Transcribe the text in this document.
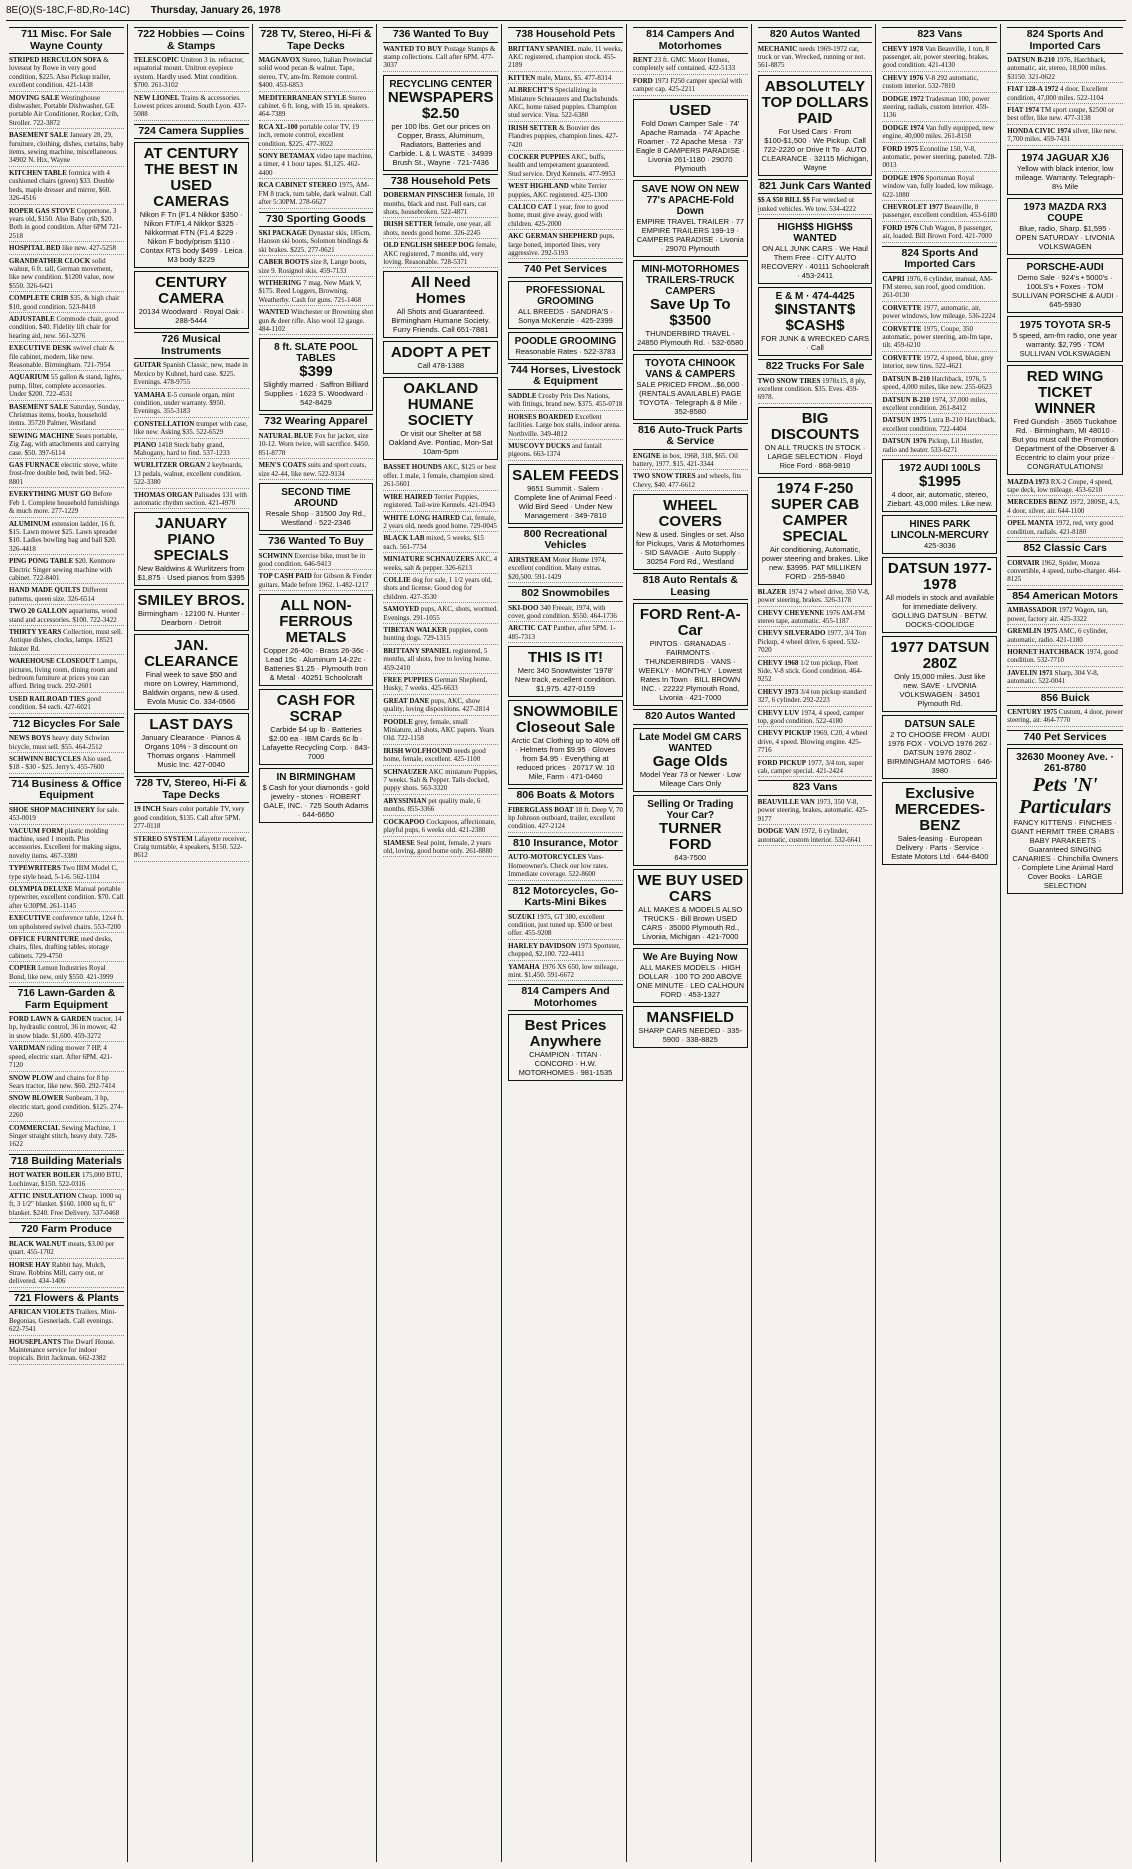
8E(O)(S-18C,F-8D,Ro-14C) Thursday, January 26, 1978
711 Misc. For Sale Wayne County
STRIPED HERCULON SOFA & loveseat by Rowe in very good condition, $225. Also Pickup trailer, excellent condition. 421-1438
MOVING SALE Westinghouse dishwasher, Portable Dishwasher, GE portable Air Conditioner, Rocker, Crib, Stroller. 722-3872
BASEMENT SALE January 28, 29, furniture, clothing, dishes, curtains, baby items, sewing machine, miscellaneous. 34902 N. Hix, Wayne
KITCHEN TABLE formica with 4 cushioned chairs (green) $33. Double beds, maple dresser and mirror, $60. 326-4516
ROPER GAS STOVE Coppertone, 3 years old, $150. Also Baby crib, $20. Both in good condition. After 6PM 721-2518
HOSPITAL BED like new. 427-5258
GRANDFATHER CLOCK solid walnut, 6 ft. tall, German movement, like new condition. $1200 value, now $550. 326-6421
COMPLETE CRIB $35, & high chair $10, good condition. 523-8418
ADJUSTABLE Commode chair, good condition. $40. Fidelity lift chair for hearing aid, new. 561-3276
EXECUTIVE DESK swivel chair & file cabinet, modern, like new. Reasonable. Birmingham. 721-7954
AQUARIUM 55 gallon & stand, lights, pump, filter, complete accessories. Under $200. 722-4531
BASEMENT SALE Saturday, Sunday, Christmas items, books, household items. 35720 Palmer, Westland
SEWING MACHINE Sears portable, Zig Zag, with attachments and carrying case. $50. 397-6114
GAS FURNACE electric stove, white frost-free double bed, twin bed. 562-8801
EVERYTHING MUST GO Before Feb 1. Complete household furnishings & much more. 277-1229
ALUMINUM extension ladder, 16 ft. $15. Lawn mower $25. Lawn spreader $10. Ladies bowling bag and ball $20. 326-4418
PING PONG TABLE $20. Kenmore Electric Singer sewing machine with cabinet. 722-8401
HAND MADE QUILTS Different patterns, queen size. 326-6514
TWO 20 GALLON aquariums, wood stand and accessories. $100. 722-3422
THIRTY YEARS Collection, must sell. Antique dishes, clocks, lamps. 18521 Inkster Rd.
WAREHOUSE CLOSEOUT Lamps, pictures, living room, dining room and bedroom furniture at prices you can afford. Bring truck. 292-2601
USED RAILROAD TIES good condition. $4 each. 427-6021
712 Bicycles For Sale
NEWS BOYS heavy duty Schwinn bicycle, must sell. $55. 464-2512
SCHWINN BICYCLES Also used, $18 - $30 - $25. Jerry's. 455-7600
714 Business & Office Equipment
SHOE SHOP MACHINERY for sale. 453-0019
VACUUM FORM plastic molding machine, used 1 month. Plus accessories. Excellent for making signs, novelty items. 467-3380
TYPEWRITERS Two IBM Model C, type style head, 5-1-6. 562-1104
OLYMPIA DELUXE Manual portable typewriter, excellent condition. $70. Call after 6:30PM. 261-1145
EXECUTIVE conference table, 12x4 ft. ten upholstered swivel chairs. 553-7200
OFFICE FURNITURE used desks, chairs, files, drafting tables, storage cabinets. 729-4750
COPIER Lemon Industries Royal Bond, like new, only $550. 421-3999
716 Lawn-Garden & Farm Equipment
FORD LAWN & GARDEN tractor, 14 hp, hydraulic control, 36 in mower, 42 in snow blade. $1,600. 459-3272
VARDMAN riding mower 7 HP, 4 speed, electric start. After 6PM. 421-7120
SNOW PLOW and chains for 8 hp Sears tractor, like new. $60. 292-7414
SNOW BLOWER Sunbeam, 3 hp, electric start, good condition. $125. 274-2260
COMMERCIAL Sewing Machine, 1 Singer straight stitch, heavy duty. 728-1622
718 Building Materials
HOT WATER BOILER 175,000 BTU, Lochinvar, $150. 522-0316
ATTIC INSULATION Cheap. 1000 sq ft, 3 1/2" blanket. $160. 1000 sq ft, 6" blanket. $240. Free Delivery. 537-0468
720 Farm Produce
BLACK WALNUT meats, $3.00 per quart. 455-1702
HORSE HAY Rabbit hay, Mulch, Straw. Robbins Mill, carry out, or delivered. 434-1406
721 Flowers & Plants
AFRICAN VIOLETS Trailers, Mini-Begonias, Gesneriads. Call evenings. 622-7541
HOUSEPLANTS The Dwarf House. Maintenance service for indoor tropicals. Britt Jackman. 662-2382
722 Hobbies — Coins & Stamps
TELESCOPIC Unitron 3 in. refractor, equatorial mount. Unitron eyepiece system. Hardly used. Mint condition. $700. 261-3102
NEW LIONEL Trains & accessories. Lowest prices around. South Lyon. 437-5088
724 Camera Supplies
AT CENTURY THE BEST IN USED CAMERAS
Nikon F Tn (F1.4 Nikkor $350 · Nikon FT/F1.4 Nikkor $325 · Nikkormat FTN (F1.4 $229 · Nikon F body/prism $110 · Contax RTS body $499 · Leica M3 body $229
CENTURY CAMERA
20134 Woodward · Royal Oak · 288-5444
726 Musical Instruments
GUITAR Spanish Classic, new, made in Mexico by Kuhnel, hard case. $225. Evenings. 478-9755
YAMAHA E-5 console organ, mint condition, under warranty. $950. Evenings. 355-3183
CONSTELLATION trumpet with case, like new. Asking $35. 522-6529
PIANO 1418 Steck baby grand, Mahogany, hard to find. 537-1233
WURLITZER ORGAN 2 keyboards, 13 pedals, walnut, excellent condition. 522-3380
THOMAS ORGAN Palisades 131 with automatic rhythm section. 421-4970
JANUARY PIANO SPECIALS
New Baldwins & Wurlitzers from $1,875 · Used pianos from $395
SMILEY BROS.
Birmingham · 12100 N. Hunter · Dearborn · Detroit
JAN. CLEARANCE
Final week to save $50 and more on Lowrey, Hammond, Baldwin organs, new & used. Evola Music Co. 334-0566
LAST DAYS
January Clearance · Pianos & Organs 10% - 3 discount on Thomas organs · Hammell Music Inc. 427-0040
728 TV, Stereo, Hi-Fi & Tape Decks
19 INCH Sears color portable TV, very good condition, $135. Call after 5PM. 277-0118
STEREO SYSTEM Lafayette receiver, Craig turntable, 4 speakers, $150. 522-8612
728 TV, Stereo, Hi-Fi & Tape Decks
MAGNAVOX Stereo, Italian Provincial solid wood pecan & walnut. Tape, stereo, TV, am-fm. Remote control. $400. 453-6853
MEDITERRANEAN STYLE Stereo cabinet. 6 ft. long, with 15 in. speakers. 464-7389
RCA XL-100 portable color TV, 19 inch, remote control, excellent condition. $225. 477-3022
SONY BETAMAX video tape machine, a timer, 4 1 hour tapes. $1,125. 462-4400
RCA CABINET STEREO 1975, AM-FM 8 track, turn table, dark walnut. Call after 5:30PM. 278-6627
730 Sporting Goods
SKI PACKAGE Dynastar skis, 185cm, Hanson ski boots, Solomon bindings & ski brakes. $225. 277-0621
CABER BOOTS size 8, Lange boots, size 9. Rosignol skis. 459-7133
WITHERING 7 mag. New Mark V, $175. Reed Loggers, Browning. Weatherby. Cash for guns. 721-1468
WANTED Winchester or Browning shot gun & deer rifle. Also wool 12 gauge. 484-1102
8 ft. SLATE POOL TABLES
$399
Slightly marred · Saffron Billiard Supplies · 1623 S. Woodward · 542-8429
732 Wearing Apparel
NATURAL BLUE Fox fur jacket, size 10-12. Worn twice, will sacrifice. $450. 851-8778
MEN'S COATS suits and sport coats, size 42-44, like new. 522-9134
SECOND TIME AROUND
Resale Shop · 31500 Joy Rd., Westland · 522-2346
736 Wanted To Buy
SCHWINN Exercise bike, must be in good condition. 646-9413
TOP CASH PAID for Gibson & Fender guitars. Made before 1962. 1-482-1217
ALL NON-FERROUS METALS
Copper 26-40c · Brass 26-36c · Lead 15c · Aluminum 14-22c · Batteries $1.25 · Plymouth Iron & Metal · 40251 Schoolcraft
CASH FOR SCRAP
Carbide $4 up lb · Batteries $2.00 ea · IBM Cards 6c lb · Lafayette Recycling Corp. · 843-7000
IN BIRMINGHAM
$ Cash for your diamonds - gold jewelry - stones · ROBERT GALE, INC. · 725 South Adams · 644-6650
736 Wanted To Buy
WANTED TO BUY Postage Stamps & stamp collections. Call after 6PM. 477-3037
RECYCLING CENTER
NEWSPAPERS $2.50
per 100 lbs. Get our prices on Copper, Brass, Aluminum, Radiators, Batteries and Carbide. L & L WASTE · 34939 Brush St., Wayne · 721-7436
738 Household Pets
DOBERMAN PINSCHER female, 10 months, black and rust. Full ears, cat shots, housebroken. 522-4871
IRISH SETTER female, one year, all shots, needs good home. 326-2245
OLD ENGLISH SHEEP DOG female, AKC registered, 7 months old, very loving. Reasonable. 728-5371
All Need Homes
All Shots and Guaranteed. Birmingham Humane Society. Furry Friends. Call 651-7881
ADOPT A PET
Call 478-1388
OAKLAND HUMANE SOCIETY
Or visit our Shelter at 58 Oakland Ave. Pontiac, Mon-Sat 10am-5pm
BASSET HOUNDS AKC, $125 or best offer. 1 male, 1 female, champion sired. 261-5601
WIRE HAIRED Terrier Puppies, registered. Tail-wire Kennels. 421-0943
WHITE LONG HAIRED Cat, female, 2 years old, needs good home. 729-0045
BLACK LAB mixed, 5 weeks, $15 each. 561-7734
MINIATURE SCHNAUZERS AKC, 4 weeks, salt & pepper. 326-6213
COLLIE dog for sale, 1 1/2 years old, shots and license. Good dog for children. 427-3530
SAMOYED pups, AKC, shots, wormed. Evenings. 291-1055
TIBETAN WALKER puppies, coon hunting dogs. 729-1315
BRITTANY SPANIEL registered, 5 months, all shots, free to loving home. 459-2410
FREE PUPPIES German Shepherd, Husky, 7 weeks. 425-6633
GREAT DANE pups, AKC, show quality, loving dispositions. 427-2814
POODLE grey, female, small Miniature, all shots, AKC papers. Years Old. 722-1158
IRISH WOLFHOUND needs good home, female, excellent. 425-1100
SCHNAUZER AKC miniature Puppies, 7 weeks. Salt & Pepper. Tails docked, puppy shots. 563-3320
ABYSSINIAN pet quality male, 6 months. 855-3366
COCKAPOO Cockapoos, affectionate, playful pups, 6 weeks old. 421-2380
SIAMESE Seal point, female, 2 years old, loving, good home only. 261-8880
738 Household Pets
BRITTANY SPANIEL male, 11 weeks, AKC registered, champion stock. 455-2189
KITTEN male, Manx, $5. 477-8314
ALBRECHT'S Specializing in Miniature Schnauzers and Dachshunds. AKC, home raised puppies. Champion stud service. Vina. 522-6380
IRISH SETTER & Bouvier des Flandres puppies, champion lines. 427-7420
COCKER PUPPIES AKC, buffs, health and temperament guaranteed. Stud service. Dryd Kennels. 477-9953
WEST HIGHLAND white Terrier puppies, AKC registered. 425-1300
CALICO CAT 1 year, free to good home, must give away, good with children. 425-2000
AKC GERMAN SHEPHERD pups, large boned, imported lines, very aggressive. 292-5193
740 Pet Services
PROFESSIONAL GROOMING
ALL BREEDS · SANDRA'S · Sonya McKenzie · 425-2399
POODLE GROOMING
Reasonable Rates · 522-3783
744 Horses, Livestock & Equipment
SADDLE Crosby Prix Des Nations, with fittings, brand new. $375. 455-0718
HORSES BOARDED Excellent facilities. Large box stalls, indoor arena. Northville. 349-4812
MUSCOVY DUCKS and fantail pigeons. 663-1374
SALEM FEEDS
9651 Summit · Salem · Complete line of Animal Feed · Wild Bird Seed · Under New Management · 349-7810
800 Recreational Vehicles
AIRSTREAM Motor Home 1974, excellent condition. Many extras. $20,500. 591-1429
802 Snowmobiles
SKI-DOO 340 Freeair, 1974, with cover, good condition. $550. 464-1736
ARCTIC CAT Panther, after 5PM. 1-485-7313
THIS IS IT!
Merc 340 Snowtwister '1978' New track, excellent condition. $1,975. 427-0159
SNOWMOBILE Closeout Sale
Arctic Cat Clothing up to 40% off · Helmets from $9.95 · Gloves from $4.95 · Everything at reduced prices · 20717 W. 10 Mile, Farm · 471-0460
806 Boats & Motors
FIBERGLASS BOAT 18 ft. Deep V, 70 hp Johnson outboard, trailer, excellent condition. 427-2124
810 Insurance, Motor
AUTO-MOTORCYCLES Vans-Homeowner's. Check our low rates. Immediate coverage. 522-8600
812 Motorcycles, Go-Karts-Mini Bikes
SUZUKI 1975, GT 380, excellent condition, just tuned up. $500 or best offer. 455-9208
HARLEY DAVIDSON 1973 Sportster, chopped, $2,100. 722-4411
YAMAHA 1976 XS 650, low mileage, mint. $1,450. 591-6672
814 Campers And Motorhomes
Best Prices Anywhere
CHAMPION · TITAN · CONCORD · H.W. MOTORHOMES · 981-1535
814 Campers And Motorhomes
RENT 23 ft. GMC Motor Homes, completely self contained. 422-5133
FORD 1973 F250 camper special with camper cap. 425-2211
USED
Fold Down Camper Sale · 74' Apache Ramada · 74' Apache Roamer · 72 Apache Mesa · 73' Eagle 8 CAMPERS PARADISE · Livonia 261-1180 · 29070 Plymouth
SAVE NOW ON NEW 77's APACHE-Fold Down
EMPIRE TRAVEL TRAILER · 77 EMPIRE TRAILERS 199-19 · CAMPERS PARADISE · Livonia · 29070 Plymouth
MINI-MOTORHOMES TRAILERS-TRUCK CAMPERS
Save Up To $3500
THUNDERBIRD TRAVEL · 24850 Plymouth Rd. · 532-6580
TOYOTA CHINOOK VANS & CAMPERS
SALE PRICED FROM...$6,000 · (RENTALS AVAILABLE) PAGE TOYOTA · Telegraph & 8 Mile · 352-8580
816 Auto-Truck Parts & Service
ENGINE in box, 1968, 318, $65. Oil battery, 1977. $15. 421-3344
TWO SNOW TIRES and wheels, fits Chevy, $40. 477-6612
WHEEL COVERS
New & used. Singles or set. Also for Pickups, Vans & Motorhomes · SID SAVAGE · Auto Supply · 30254 Ford Rd., Westland
818 Auto Rentals & Leasing
FORD Rent-A-Car
PINTOS · GRANADAS · FAIRMONTS · THUNDERBIRDS · VANS · WEEKLY · MONTHLY · Lowest Rates In Town · BILL BROWN INC. · 22222 Plymouth Road, Livonia · 421-7000
820 Autos Wanted
Late Model GM CARS WANTED
Gage Olds
Model Year 73 or Newer · Low Mileage Cars Only
Selling Or Trading Your Car?
TURNER FORD
643-7500
WE BUY USED CARS
ALL MAKES & MODELS ALSO TRUCKS · Bill Brown USED CARS · 35000 Plymouth Rd., Livonia, Michigan · 421-7000
We Are Buying Now
ALL MAKES MODELS · HIGH DOLLAR · 100 TO 200 ABOVE ONE MINUTE · LEO CALHOUN FORD · 453-1327
MANSFIELD
SHARP CARS NEEDED · 335-5900 · 338-8825
820 Autos Wanted
MECHANIC needs 1969-1972 car, truck or van. Wrecked, running or not. 561-8875
ABSOLUTELY TOP DOLLARS PAID
For Used Cars · From $100-$1,500 · We Pickup. Call 722-2220 or Drive It To · AUTO CLEARANCE · 32115 Michigan, Wayne
821 Junk Cars Wanted
$$ A $50 BILL $$ For wrecked or junked vehicles. We tow. 534-4222
HIGH$$ HIGH$$ WANTED
ON ALL JUNK CARS · We Haul Them Free · CITY AUTO RECOVERY · 40111 Schoolcraft · 453-2411
E & M · 474-4425
$INSTANT$ $CASH$
FOR JUNK & WRECKED CARS · Call
822 Trucks For Sale
TWO SNOW TIRES 1978x15, 8 ply, excellent condition. $35. Eves. 459-6978.
BIG DISCOUNTS
ON ALL TRUCKS IN STOCK · LARGE SELECTION · Floyd Rice Ford · 868-9810
1974 F-250 SUPER CAB CAMPER SPECIAL
Air conditioning, Automatic, power steering and brakes. Like new. $3995. PAT MILLIKEN FORD · 255-5840
BLAZER 1974 2 wheel drive, 350 V-8, power steering, brakes. 326-3178
CHEVY CHEYENNE 1976 AM-FM stereo tape, automatic. 455-1187
CHEVY SILVERADO 1977, 3/4 Ton Pickup, 4 wheel drive, 6 speed. 532-7020
CHEVY 1968 1/2 ton pickup, Fleet Side, V-8 stick. Good condition. 464-9252
CHEVY 1973 3/4 ton pickup standard 327, 6 cylinder. 292-2223
CHEVY LUV 1974, 4 speed, camper top, good condition. 522-4180
CHEVY PICKUP 1969, C20, 4 wheel drive, 4 speed. Blowing engine. 425-7716
FORD PICKUP 1977, 3/4 ton, super cab, camper special. 421-2424
823 Vans
BEAUVILLE VAN 1973, 350 V-8, power steering, brakes, automatic. 425-9177
DODGE VAN 1972, 6 cylinder, automatic, custom interior. 532-6641
823 Vans
CHEVY 1978 Van Beauville, 1 ton, 8 passenger, air, power steering, brakes, good condition. 421-4130
CHEVY 1976 V-8 292 automatic, custom interior. 532-7810
DODGE 1972 Tradesman 100, power steering, radials, custom interior. 459-1136
DODGE 1974 Van fully equipped, new engine, 40,000 miles. 261-8150
FORD 1975 Econoline 150, V-8, automatic, power steering, paneled. 728-0013
DODGE 1976 Sportsman Royal window van, fully loaded, low mileage. 622-1080
CHEVROLET 1977 Beauville, 8 passenger, excellent condition. 453-6180
FORD 1976 Club Wagon, 8 passenger, air, loaded. Bill Brown Ford. 421-7000
824 Sports And Imported Cars
CAPRI 1976, 6 cylinder, manual, AM-FM stereo, sun roof, good condition. 261-0130
CORVETTE 1977, automatic, air, power windows, low mileage. 536-2224
CORVETTE 1975, Coupe, 350 automatic, power steering, am-fm tape, tilt. 459-6210
CORVETTE 1972, 4 speed, blue, grey interior, new tires. 522-4621
DATSUN B-210 Hatchback, 1976, 5 speed, 4,000 miles, like new. 255-6623
DATSUN B-210 1974, 37,000 miles, excellent condition. 261-8412
DATSUN 1975 Lxtra B-210 Hatchback, excellent condition. 722-4404
DATSUN 1976 Pickup, Lil Hustler, radio and heater. 533-6271
1972 AUDI 100LS
$1995
4 door, air, automatic, stereo, Ziebart. 43,000 miles. Like new.
HINES PARK LINCOLN-MERCURY
425-3036
DATSUN 1977-1978
All models in stock and available for immediate delivery. GOLLING DATSUN · BETW. DOCKS-COOLIDGE
1977 DATSUN 280Z
Only 15,000 miles. Just like new. SAVE · LIVONIA VOLKSWAGEN · 34501 Plymouth Rd.
DATSUN SALE
2 TO CHOOSE FROM · AUDI 1976 FOX · VOLVO 1976 262 · DATSUN 1976 280Z · BIRMINGHAM MOTORS · 646-3980
Exclusive MERCEDES-BENZ
Sales-leasing · European Delivery · Parts · Service · Estate Motors Ltd · 644-8400
824 Sports And Imported Cars
DATSUN B-210 1976, Hatchback, automatic, air, stereo, 18,000 miles. $3150. 321-0622
FIAT 128-A 1972 4 door, Excellent condition, 47,000 miles. 522-1104
FIAT 1974 TM sport coupe, $2500 or best offer, like new. 477-3138
HONDA CIVIC 1974 silver, like new. 7,700 miles. 459-7431
1974 JAGUAR XJ6
Yellow with black interior, low mileage. Warranty. Telegraph-8½ Mile
1973 MAZDA RX3 COUPE
Blue, radio, Sharp. $1,595 · OPEN SATURDAY · LIVONIA VOLKSWAGEN
PORSCHE-AUDI
Demo Sale · 924's • 5000's · 100LS's • Foxes · TOM SULLIVAN PORSCHE & AUDI · 645-5930
1975 TOYOTA SR-5
5 speed, am-fm radio, one year warranty. $2,795 · TOM SULLIVAN VOLKSWAGEN
RED WING TICKET WINNER
Fred Gundish · 3565 Tuckahoe Rd. · Birmingham, MI 48010 · But you must call the Promotion Department of the Observer & Eccentric to claim your prize · CONGRATULATIONS!
MAZDA 1973 RX-2 Coupe, 4 speed, tape deck, low mileage. 453-6210
MERCEDES BENZ 1972, 280SE, 4.5, 4 door, silver, air. 644-1100
OPEL MANTA 1972, red, very good condition, radials. 421-8180
852 Classic Cars
CORVAIR 1962, Spider, Monza convertible, 4 speed, turbo-charger. 464-8125
854 American Motors
AMBASSADOR 1972 Wagon, tan, power, factory air. 425-3322
GREMLIN 1975 AMC, 6 cylinder, automatic, radio. 421-1180
HORNET HATCHBACK 1974, good condition. 532-7710
JAVELIN 1971 Sharp, 304 V-8, automatic. 522-0041
856 Buick
CENTURY 1975 Custom, 4 door, power steering, air. 464-7770
740 Pet Services
32630 Mooney Ave. · 261-8780
Pets 'N' Particulars
FANCY KITTENS · FINCHES · GIANT HERMIT TREE CRABS · BABY PARAKEETS · Guaranteed SINGING CANARIES · Chinchilla Owners · Complete Line Animal Hard Cover Books · LARGE SELECTION
